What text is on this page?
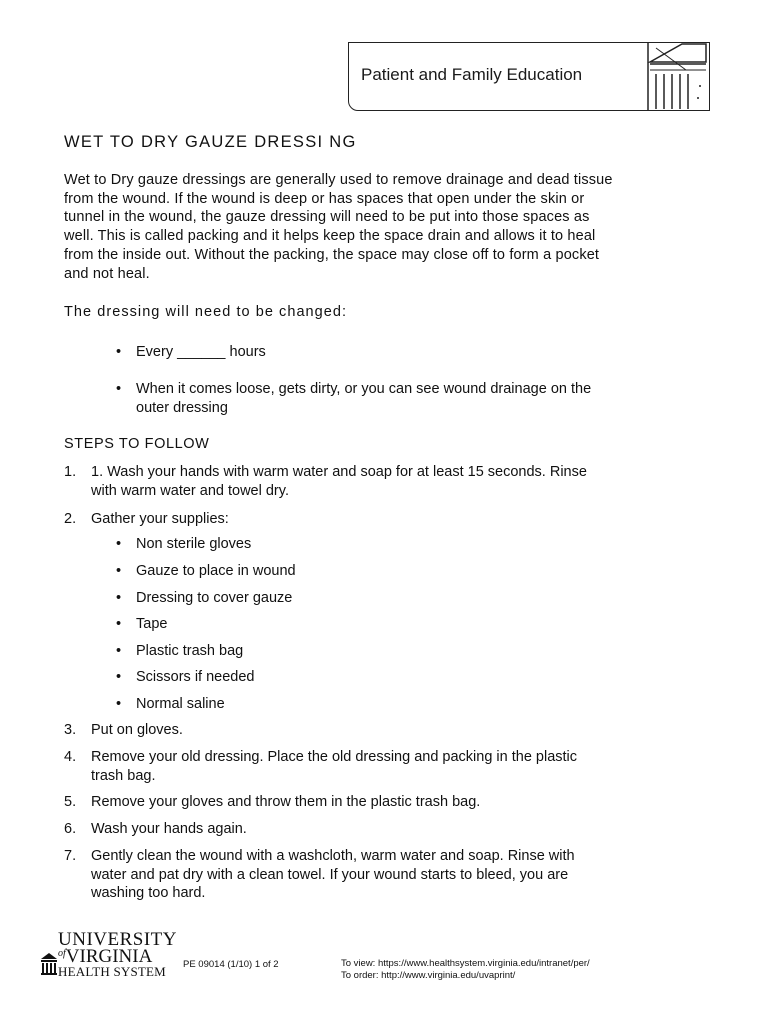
Patient and Family Education
WET TO DRY GAUZE DRESSI NG
Wet to Dry gauze dressings are generally used to remove drainage and dead tissue
from the wound. If the wound is deep or has spaces that open under the skin or
tunnel in the wound, the gauze dressing will need to be put into those spaces as
well. This is called packing and it helps keep the space drain and allows it to heal
from the inside out. Without the packing, the space may close off to form a pocket
and not heal.
The dressing will need to be changed:
•	Every ______ hours
• When it comes loose, gets dirty, or you can see wound drainage on the
outer dressing
STEPS TO FOLLOW
1. 1. Wash your hands with warm water and soap for at least 15 seconds. Rinse
with warm water and towel dry.
2.	Gather your supplies:
•	Non sterile gloves
•	Gauze to place in wound
•	Dressing to cover gauze
•	Tape
•	Plastic trash bag
•	Scissors if needed
•	Normal saline
3.	Put on gloves.
4. Remove your old dressing. Place the old dressing and packing in the plastic
trash bag.
5.	Remove your gloves and throw them in the plastic trash bag.
6.	Wash your hands again.
7. Gently clean the wound with a washcloth, warm water and soap. Rinse with
water and pat dry with a clean towel. If your wound starts to bleed, you are
washing too hard.
UNIVERSITY
$^{of}$VIRGINIA
HEALTH SYSTEM PE 09014 (1/10) 1 of 2	To view: https://www.healthsystem.virginia.edu/intranet/per/
To order: http://www.virginia.edu/uvaprint/
